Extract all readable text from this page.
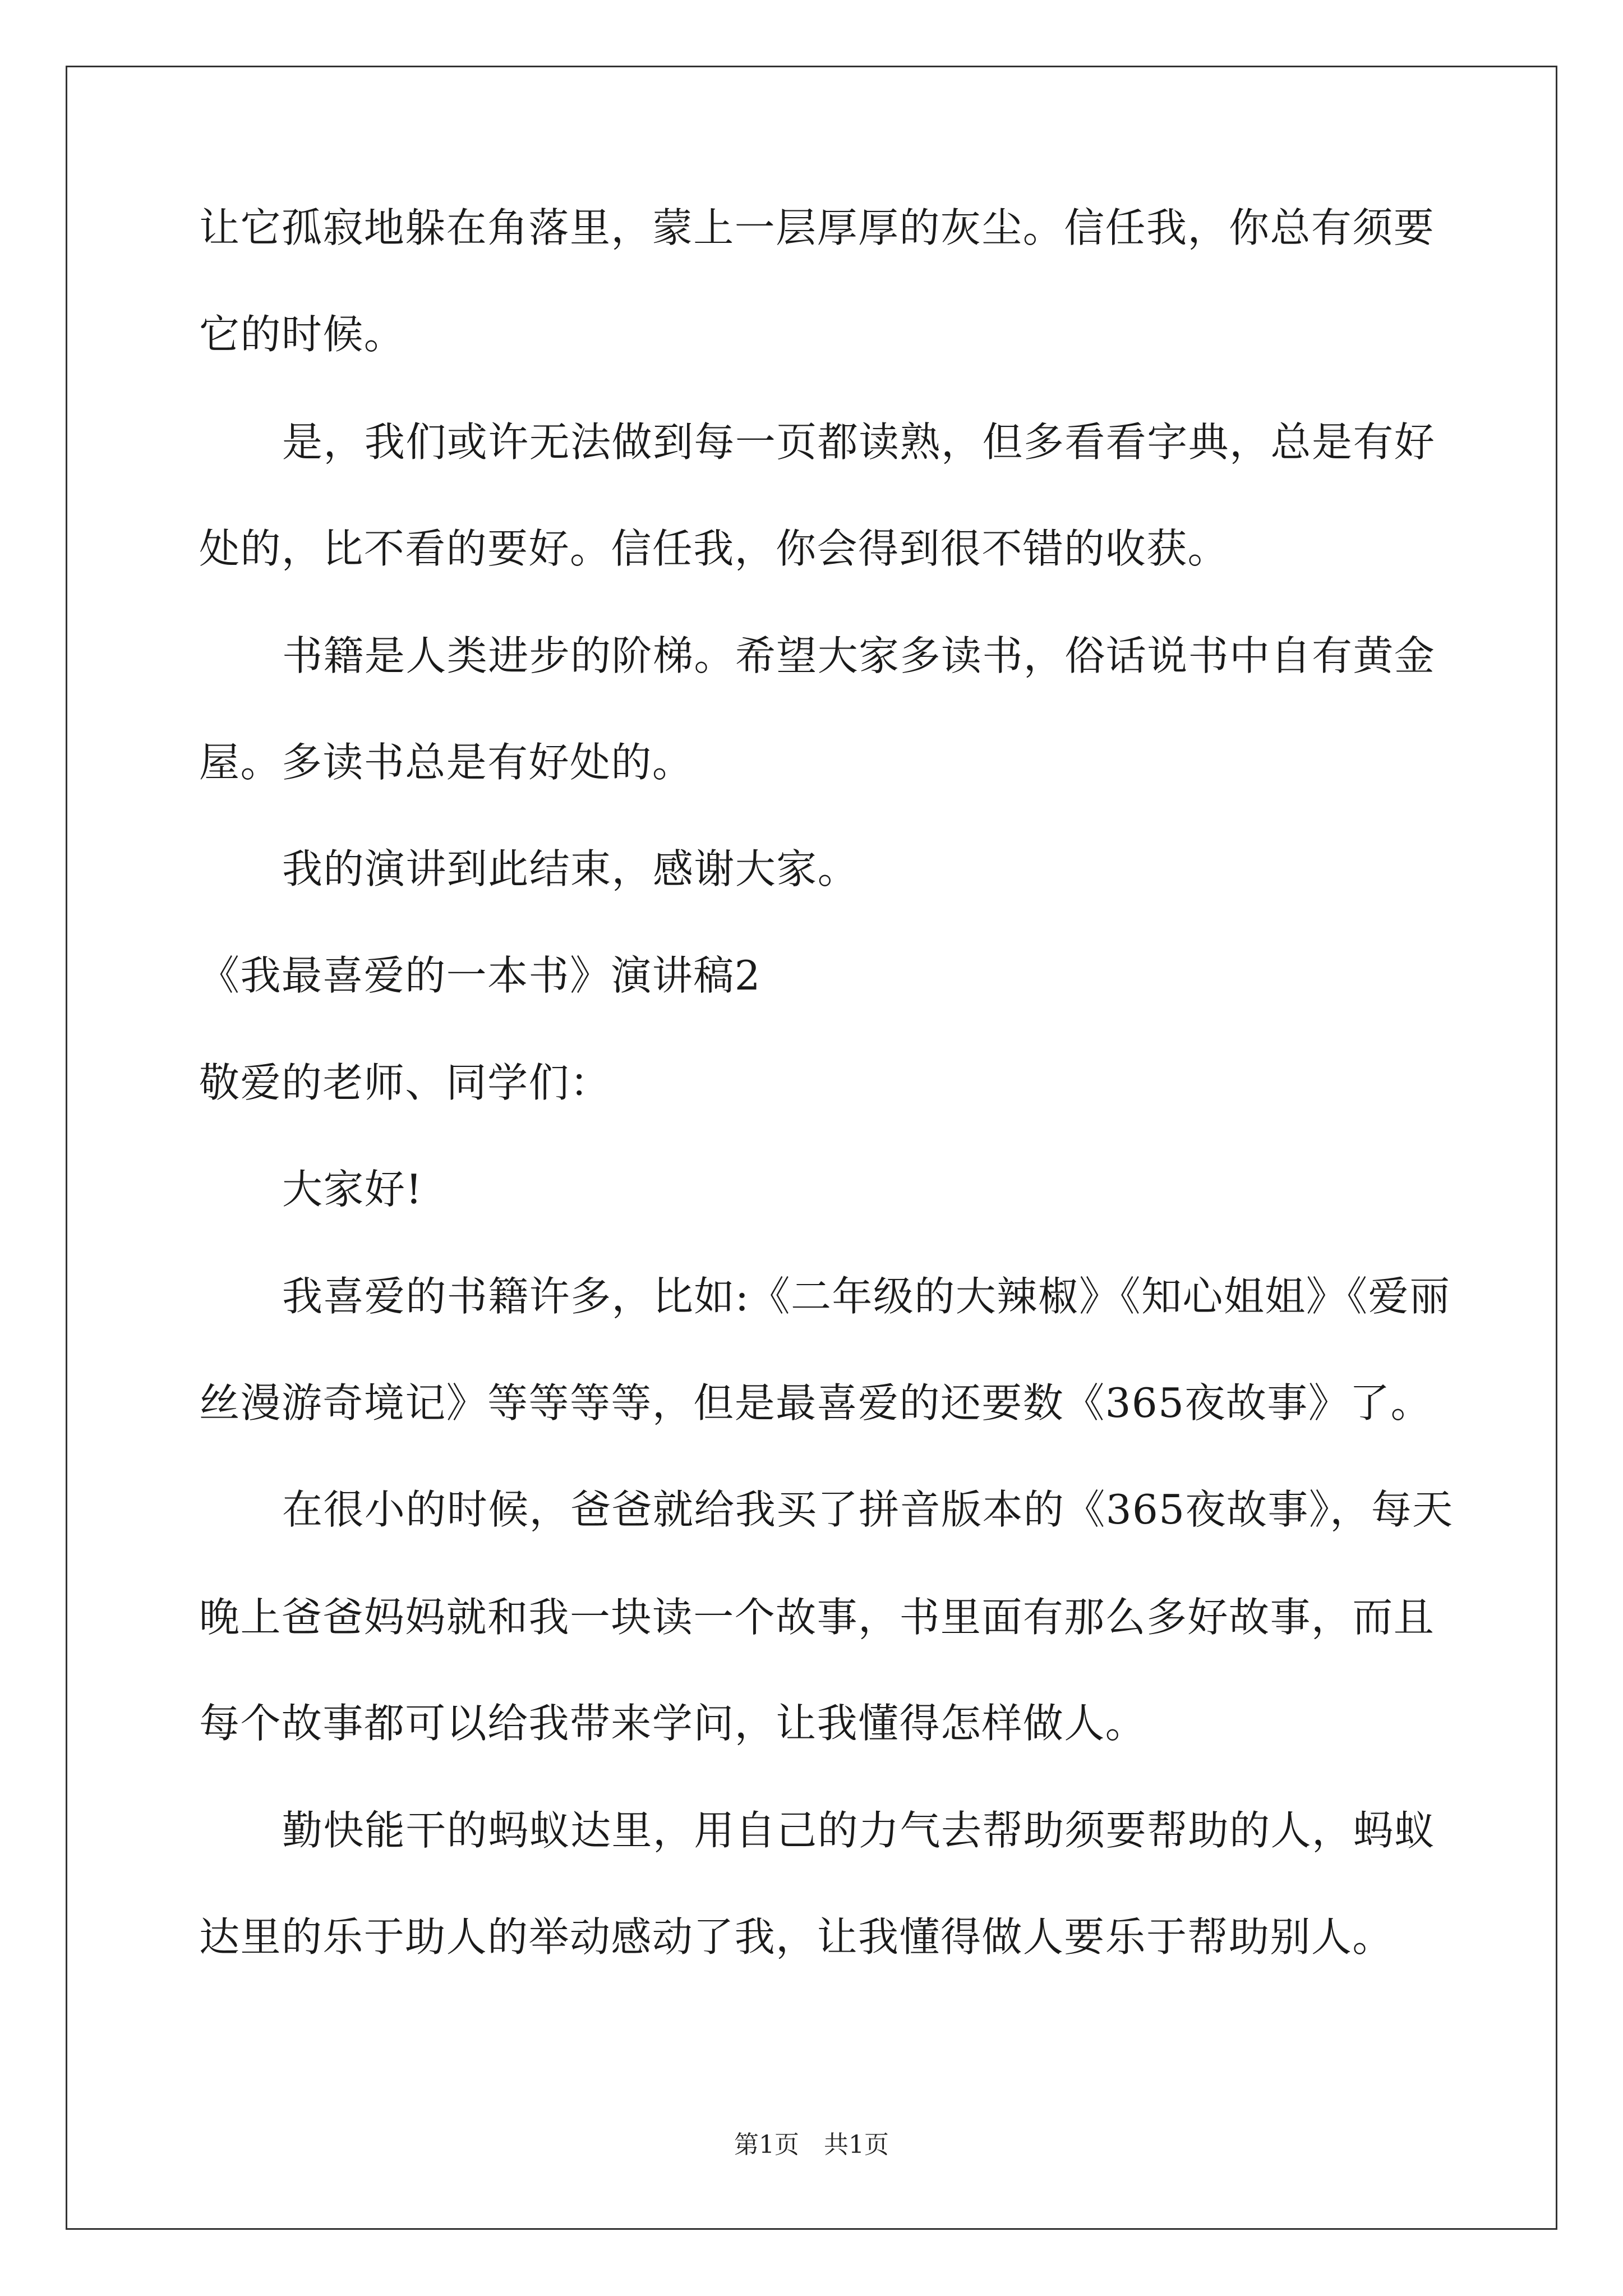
让它孤寂地躲在角落里，蒙上一层厚厚的灰尘。信任我，你总有须要

它的时候。

是，我们或许无法做到每一页都读熟，但多看看字典，总是有好

处的，比不看的要好。信任我，你会得到很不错的收获。

书籍是人类进步的阶梯。希望大家多读书，俗话说书中自有黄金

屋。多读书总是有好处的。

我的演讲到此结束，感谢大家。

《我最喜爱的一本书》演讲稿2

敬爱的老师、同学们：

大家好!

我喜爱的书籍许多，比如:《二年级的大辣椒》《知心姐姐》《爱丽

丝漫游奇境记》等等等等，但是最喜爱的还要数《365夜故事》了。

在很小的时候，爸爸就给我买了拼音版本的《365夜故事》，每天

晚上爸爸妈妈就和我一块读一个故事，书里面有那么多好故事，而且

每个故事都可以给我带来学问，让我懂得怎样做人。

勤快能干的蚂蚁达里，用自己的力气去帮助须要帮助的人，蚂蚁

达里的乐于助人的举动感动了我，让我懂得做人要乐于帮助别人。

第1页　共1页
